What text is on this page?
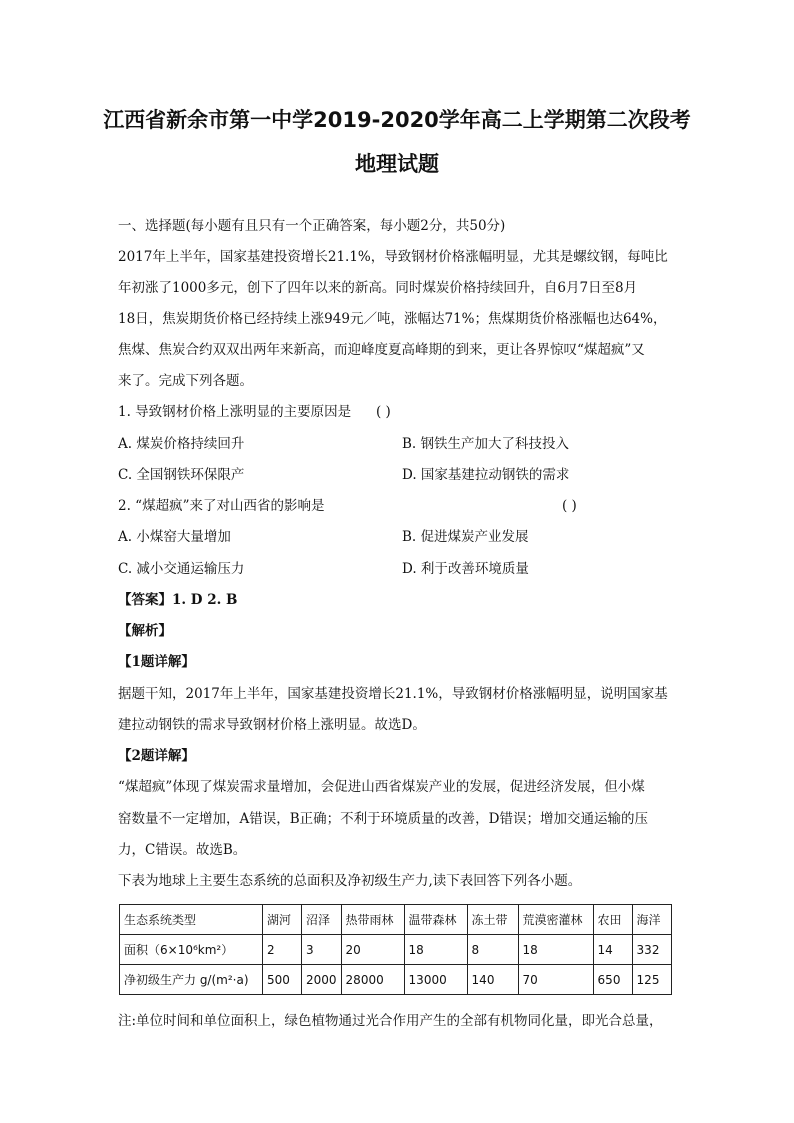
江西省新余市第一中学2019-2020学年高二上学期第二次段考
地理试题
一、选择题(每小题有且只有一个正确答案，每小题2分，共50分)
2017年上半年，国家基建投资增长21.1%，导致钢材价格涨幅明显，尤其是螺纹钢，每吨比
年初涨了1000多元，创下了四年以来的新高。同时煤炭价格持续回升，自6月7日至8月
18日，焦炭期货价格已经持续上涨949元／吨，涨幅达71%；焦煤期货价格涨幅也达64%，
焦煤、焦炭合约双双出两年来新高，而迎峰度夏高峰期的到来，更让各界惊叹“煤超疯”又
来了。完成下列各题。
1. 导致钢材价格上涨明显的主要原因是 ( )
A. 煤炭价格持续回升	B. 钢铁生产加大了科技投入
C. 全国钢铁环保限产	D. 国家基建拉动钢铁的需求
2. “煤超疯”来了对山西省的影响是	( )
A. 小煤窑大量增加	B. 促进煤炭产业发展
C. 减小交通运输压力	D. 利于改善环境质量
【答案】1. D 2. B
【解析】
【1题详解】
据题干知，2017年上半年，国家基建投资增长21.1%，导致钢材价格涨幅明显，说明国家基
建拉动钢铁的需求导致钢材价格上涨明显。故选D。
【2题详解】
“煤超疯”体现了煤炭需求量增加，会促进山西省煤炭产业的发展，促进经济发展，但小煤
窑数量不一定增加，A错误，B正确；不利于环境质量的改善，D错误；增加交通运输的压
力，C错误。故选B。
下表为地球上主要生态系统的总面积及净初级生产力,读下表回答下列各小题。
生态系统类型	湖河	沼泽	热带雨林	温带森林	冻土带	荒漠密灌林	农田	海洋
面积（6×10⁶km²）	2	3	20	18	8	18	14	332
净初级生产力 g/(m²·a)	500	2000	28000	13000	140	70	650	125
注:单位时间和单位面积上，绿色植物通过光合作用产生的全部有机物同化量，即光合总量，
